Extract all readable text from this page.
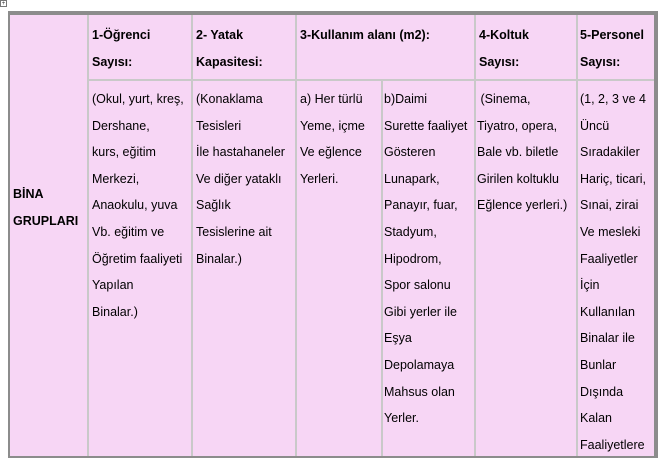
+
BİNA
GRUPLARI
1-Öğrenci
Sayısı:
2- Yatak
Kapasitesi:
3-Kullanım alanı (m2):	4-Koltuk
Sayısı:
5-Personel
Sayısı:
(Okul, yurt, kreş,
Dershane,
kurs, eğitim
Merkezi,
Anaokulu, yuva
Vb. eğitim ve
Öğretim faaliyeti
Yapılan
Binalar.)
(Konaklama
Tesisleri
İle hastahaneler
Ve diğer yataklı
Sağlık
Tesislerine ait
Binalar.)
a) Her türlü
Yeme, içme
Ve eğlence
Yerleri.
b)Daimi
Surette faaliyet
Gösteren
Lunapark,
Panayır, fuar,
Stadyum,
Hipodrom,
Spor salonu
Gibi yerler ile
Eşya
Depolamaya
Mahsus olan
Yerler.
(Sinema,
Tiyatro, opera,
Bale vb. biletle
Girilen koltuklu
Eğlence yerleri.)
(1, 2, 3 ve 4
Üncü
Sıradakiler
Hariç, ticari,
Sınai, zirai
Ve mesleki
Faaliyetler
İçin
Kullanılan
Binalar ile
Bunlar
Dışında
Kalan
Faaliyetlere
